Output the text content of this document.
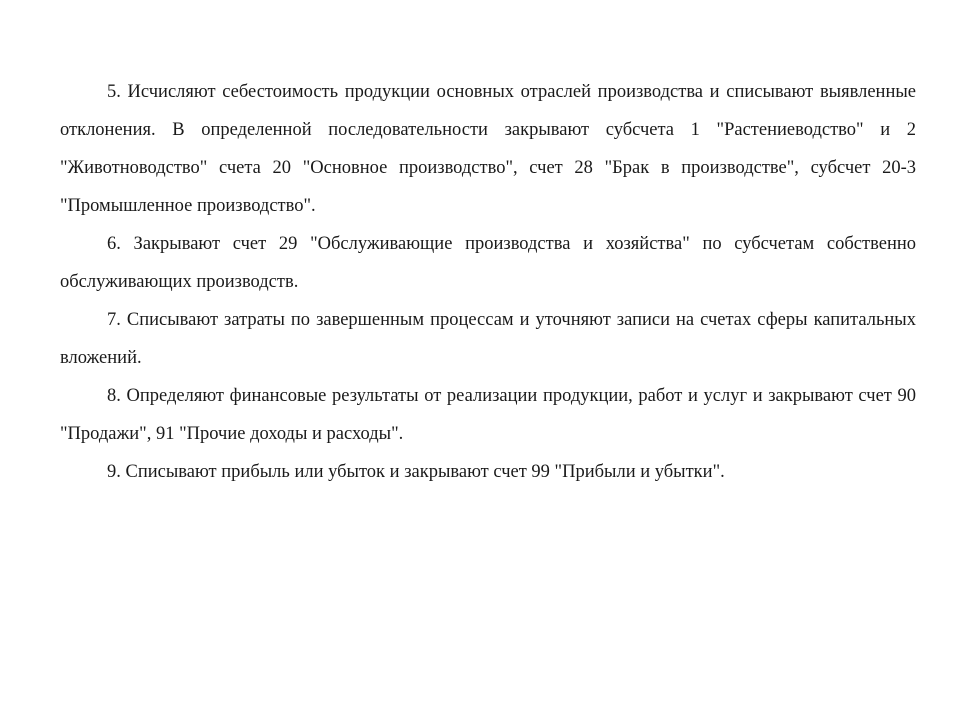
5. Исчисляют себестоимость продукции основных отраслей производства и списывают выявленные отклонения. В определенной последовательности закрывают субсчета 1 "Растениеводство" и 2 "Животноводство" счета 20 "Основное производство", счет 28 "Брак в производстве", субсчет 20-3 "Промышленное производство".

6. Закрывают счет 29 "Обслуживающие производства и хозяйства" по субсчетам собственно обслуживающих производств.

7. Списывают затраты по завершенным процессам и уточняют записи на счетах сферы капитальных вложений.

8. Определяют финансовые результаты от реализации продукции, работ и услуг и закрывают счет 90 "Продажи", 91 "Прочие доходы и расходы".

9. Списывают прибыль или убыток и закрывают счет 99 "Прибыли и убытки".
